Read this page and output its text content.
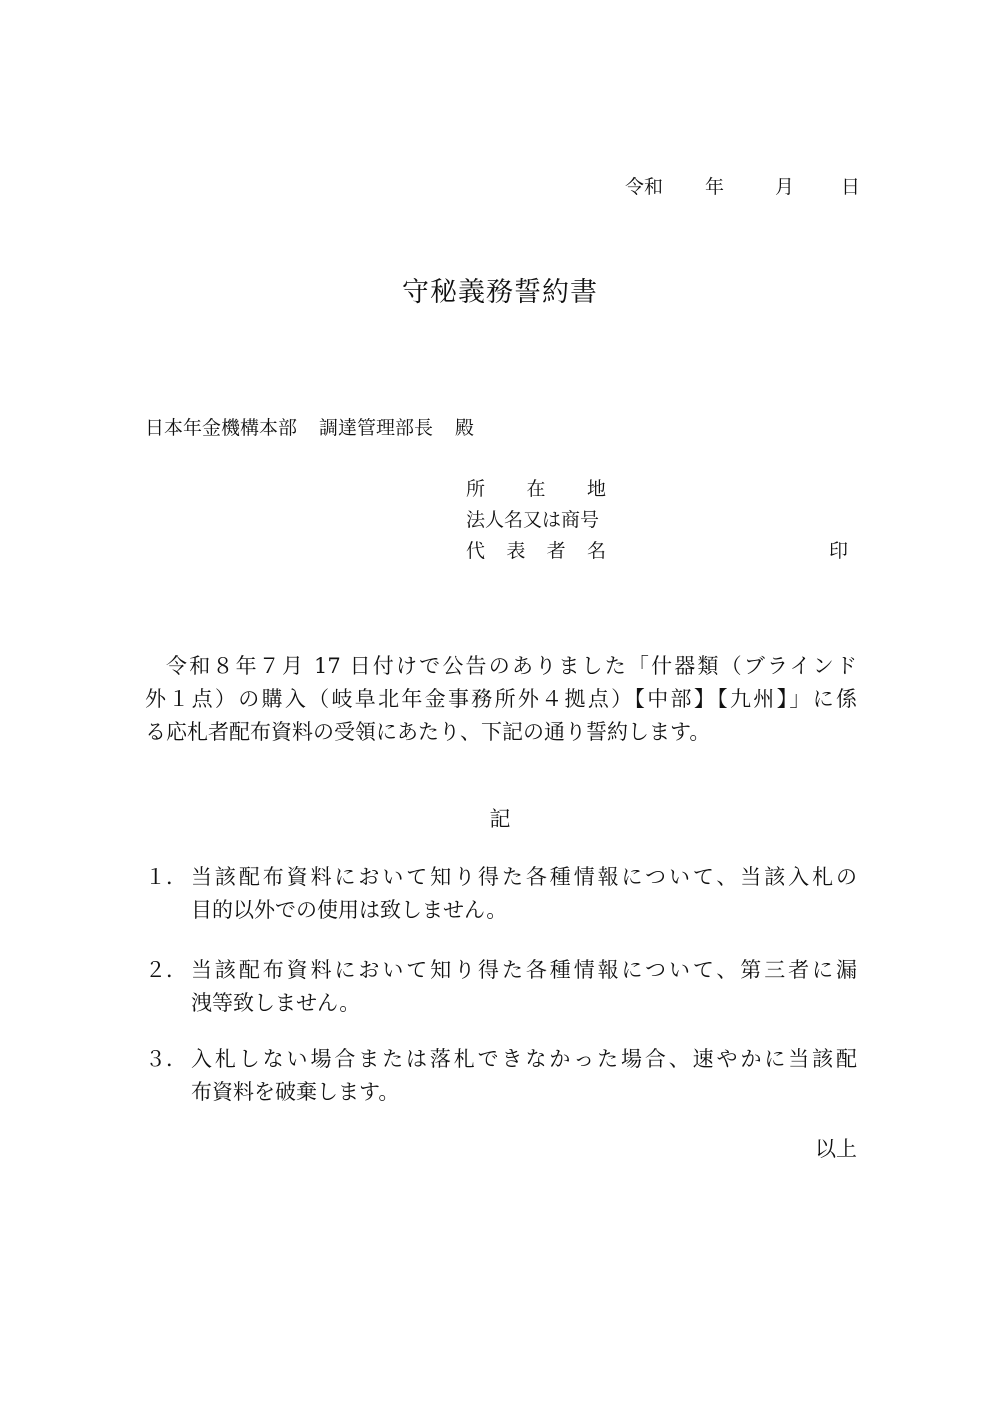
令和	年	月	日
守秘義務誓約書
日本年金機構本部 調達管理部長 殿
所 在 地
法人名又は商号
代 表 者 名	印
令和８年７月 17 日付けで公告のありました「什器類（ブラインド
外１点）の購入（岐阜北年金事務所外４拠点）【中部】【九州】」に係
る応札者配布資料の受領にあたり、下記の通り誓約します。
記
１． 当該配布資料において知り得た各種情報について、当該入札の
目的以外での使用は致しません。
２． 当該配布資料において知り得た各種情報について、第三者に漏
洩等致しません。
３． 入札しない場合または落札できなかった場合、速やかに当該配
布資料を破棄します。
以上
